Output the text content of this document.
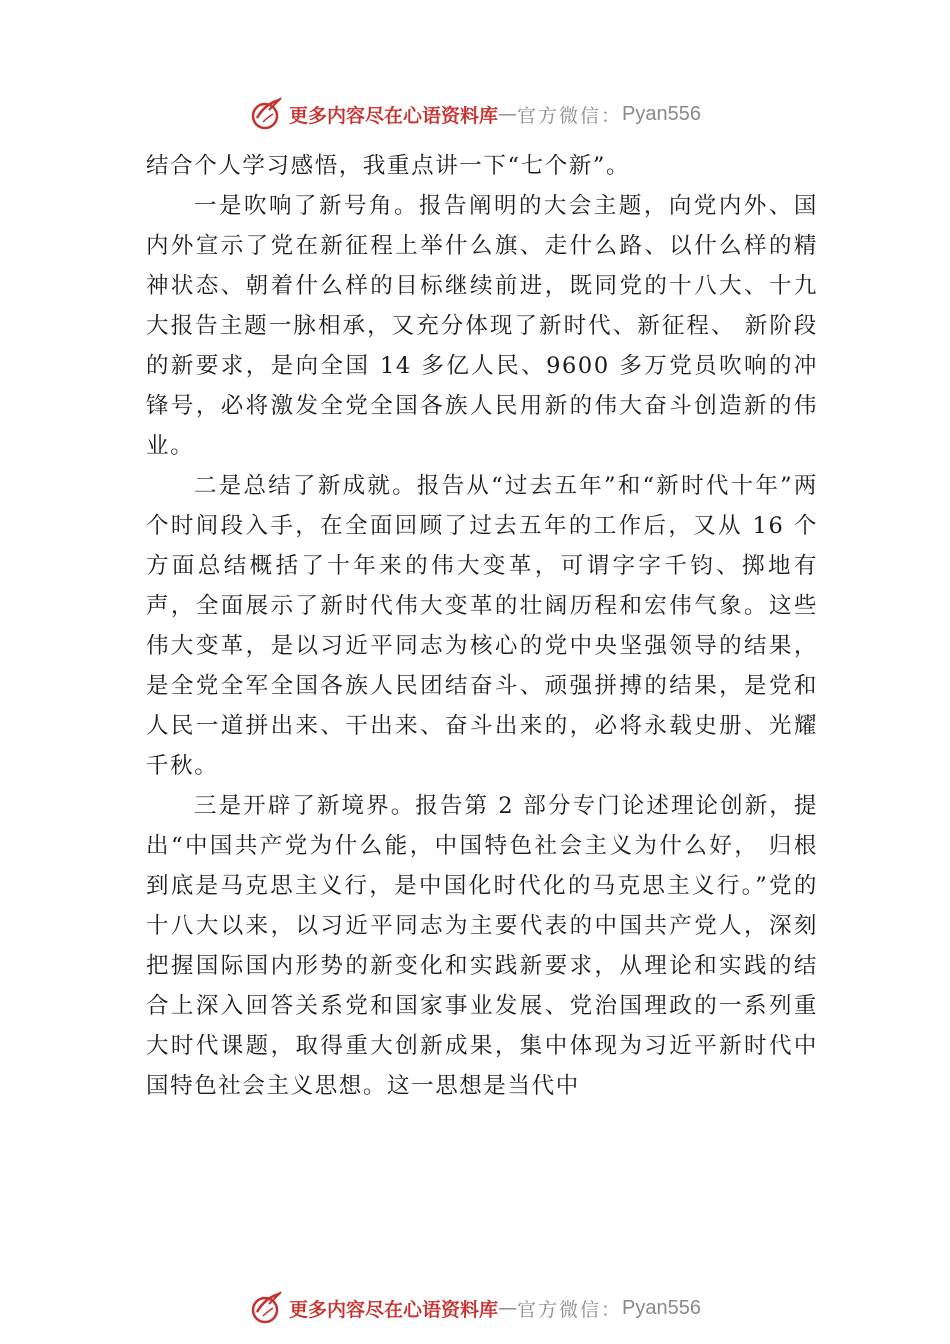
更多内容尽在心语资料库 — 官方微信： Pyan556

结合个人学习感悟，我重点讲一下“七个新”。

一是吹响了新号角。报告阐明的大会主题，向党内外、国内外宣示了党在新征程上举什么旗、走什么路、以什么样的精神状态、朝着什么样的目标继续前进，既同党的十八大、十九大报告主题一脉相承，又充分体现了新时代、新征程、 新阶段的新要求，是向全国 14 多亿人民、9600 多万党员吹响的冲锋号，必将激发全党全国各族人民用新的伟大奋斗创造新的伟业。

二是总结了新成就。报告从“过去五年”和“新时代十年”两个时间段入手，在全面回顾了过去五年的工作后，又从 16 个方面总结概括了十年来的伟大变革，可谓字字千钧、掷地有声，全面展示了新时代伟大变革的壮阔历程和宏伟气象。这些伟大变革，是以习近平同志为核心的党中央坚强领导的结果，是全党全军全国各族人民团结奋斗、顽强拼搏的结果，是党和人民一道拼出来、干出来、奋斗出来的，必将永载史册、光耀千秋。

三是开辟了新境界。报告第 2 部分专门论述理论创新，提出“中国共产党为什么能，中国特色社会主义为什么好， 归根到底是马克思主义行，是中国化时代化的马克思主义行。”党的十八大以来，以习近平同志为主要代表的中国共产党人，深刻把握国际国内形势的新变化和实践新要求，从理论和实践的结合上深入回答关系党和国家事业发展、党治国理政的一系列重大时代课题，取得重大创新成果，集中体现为习近平新时代中国特色社会主义思想。这一思想是当代中

更多内容尽在心语资料库 — 官方微信： Pyan556
